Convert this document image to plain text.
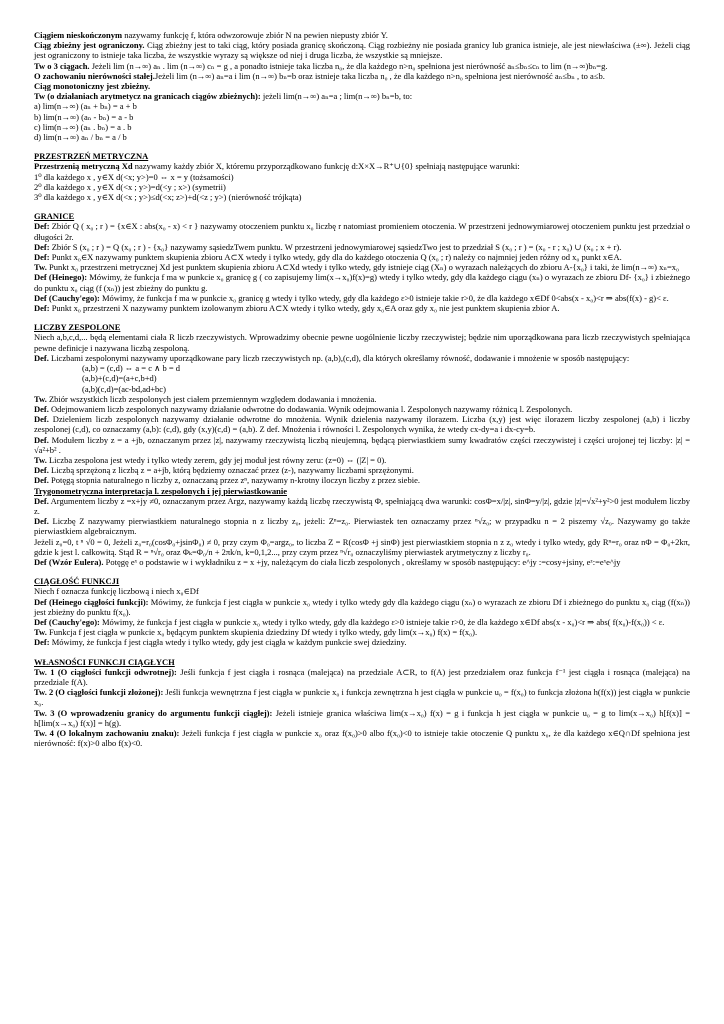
Ciągiem nieskończonym nazywamy funkcję f, która odwzorowuje zbiór N na pewien niepusty zbiór Y.

Ciąg zbieżny jest ograniczony. Ciąg zbieżny jest to taki ciąg, który posiada granicę skończoną. Ciąg rozbieżny nie posiada granicy lub granica istnieje, ale jest niewłaściwa (±∞). Jeżeli ciąg jest ograniczony to istnieje taka liczba, że wszystkie wyrazy są większe od niej i druga liczba, że wszystkie są mniejsze.

Tw o 3 ciągach. Jeżeli lim (n→∞) aₙ . lim (n→∞) cₙ = g , a ponadto istnieje taka liczba n₀, że dla każdego n>n₀ spełniona jest nierówność aₙ≤bₙ≤cₙ to lim (n→∞)bₙ=g.

O zachowaniu nierówności stałej.Jeżeli lim (n→∞) aₙ=a i lim (n→∞) bₙ=b oraz istnieje taka liczba n₀ , że dla każdego n>n₀ spełniona jest nierówność aₙ≤bₙ , to a≤b.

Ciąg monotoniczny jest zbieżny.

Tw (o działaniach arytmetycz na granicach ciągów zbieżnych): jeżeli lim(n→∞) aₙ=a ; lim(n→∞) bₙ=b, to:

a) lim(n→∞) (aₙ + bₙ) = a + b

b) lim(n→∞) (aₙ - bₙ) = a - b

c) lim(n→∞) (aₙ . bₙ) = a . b

d) lim(n→∞) aₙ / bₙ = a / b

PRZESTRZEŃ METRYCZNA

Przestrzenią metryczną Xd nazywamy każdy zbiór X, któremu przyporządkowano funkcję d:X×X→R⁺∪{0} spełniają następujące warunki:

1⁰ dla każdego x , y∈X d(<x; y>)=0 ⇔ x = y (tożsamości)

2⁰ dla każdego x , y∈X d(<x ; y>)=d(<y ; x>) (symetrii)

3⁰ dla każdego x , y∈X d(<x ; y>)≤d(<x; z>)+d(<z ; y>) (nierówność trójkąta)

GRANICE

Def: Zbiór Q ( x₀ ; r ) = {x∈X : abs(x₀ - x) < r } nazywamy otoczeniem punktu x₀ liczbę r natomiast promieniem otoczenia. W przestrzeni jednowymiarowej otoczeniem punktu jest przedział o długości 2r.

Def: Zbiór S (x₀ ; r ) = Q (x₀ ; r ) - {x₀} nazywamy sąsiedzTwem punktu. W przestrzeni jednowymiarowej sąsiedzTwo jest to przedział S (x₀ ; r ) = (x₀ - r ; x₀) ∪ (x₀ ; x + r).

Def: Punkt x₀∈X nazywamy punktem skupienia zbioru A⊂X wtedy i tylko wtedy, gdy dla do każdego otoczenia Q (x₀ ; r) należy co najmniej jeden różny od x₀ punkt x∈A.

Tw. Punkt x₀ przestrzeni metrycznej Xd jest punktem skupienia zbioru A⊂Xd wtedy i tylko wtedy, gdy istnieje ciąg (Xₙ) o wyrazach należących do zbioru A-{x₀} i taki, że lim(n→∞) xₙ=x₀

Def (Heinego): Mówimy, że funkcja f ma w punkcie x₀ granicę g ( co zapisujemy lim(x→x₀)f(x)=g) wtedy i tylko wtedy, gdy dla każdego ciągu (xₙ) o wyrazach ze zbioru Df- {x₀} i zbieżnego do punktu x₀ ciąg (f (xₙ)) jest zbieżny do punktu g.

Def (Cauchy'ego): Mówimy, że funkcja f ma w punkcie x₀ granicę g wtedy i tylko wtedy, gdy dla każdego ε>0 istnieje takie r>0, że dla każdego x∈Df 0<abs(x - x₀)<r ⇒ abs(f(x) - g)< ε.

Def: Punkt x₀ przestrzeni X nazywamy punktem izolowanym zbioru A⊂X wtedy i tylko wtedy, gdy x₀∈A oraz gdy x₀ nie jest punktem skupienia zbior A.

LICZBY ZESPOLONE

Niech a,b,c,d,... będą elementami ciała R liczb rzeczywistych. Wprowadzimy obecnie pewne uogólnienie liczby rzeczywistej; będzie nim uporządkowana para liczb rzeczywistych spełniająca pewne definicje i nazywana liczbą zespoloną.

Def. Liczbami zespolonymi nazywamy uporządkowane pary liczb rzeczywistych np. (a,b),(c,d), dla których określamy równość, dodawanie i mnożenie w sposób następujący:

(a,b) = (c,d) ⇔ a = c ∧ b = d

(a,b)+(c,d)=(a+c,b+d)

(a,b)(c,d)=(ac-bd,ad+bc)

Tw. Zbiór wszystkich liczb zespolonych jest ciałem przemiennym względem dodawania i mnożenia.

Def. Odejmowaniem liczb zespolonych nazywamy działanie odwrotne do dodawania. Wynik odejmowania l. Zespolonych nazywamy różnicą l. Zespolonych.

Def. Dzieleniem liczb zespolonych nazywamy działanie odwrotne do mnożenia. Wynik dzielenia nazywamy ilorazem. Liczba (x,y) jest więc ilorazem liczby zespolonej (a,b) i liczby zespolonej (c,d), co oznaczamy (a,b): (c,d), gdy (x,y)(c,d) = (a,b). Z def. Mnożenia i równości l. Zespolonych wynika, że wtedy cx-dy=a i dx-cy=b.

Def. Modułem liczby z = a +jb, oznaczanym przez |z|, nazywamy rzeczywistą liczbą nieujemną, będącą pierwiastkiem sumy kwadratów części rzeczywistej i części urojonej tej liczby: |z| = √a²+b² .

Tw. Liczba zespolona jest wtedy i tylko wtedy zerem, gdy jej moduł jest równy zeru: (z=0) ⇔ (|Z| = 0).

Def. Liczbą sprzężoną z liczbą z = a+jb, którą będziemy oznaczać przez (z-), nazywamy liczbami sprzężonymi.

Def. Potęgą stopnia naturalnego n liczby z, oznaczaną przez zⁿ, nazywamy n-krotny iloczyn liczby z przez siebie.

Trygonometryczna interpretacja l. zespolonych i jej pierwiastkowanie

Def. Argumentem liczby z =x+jy ≠0, oznaczanym przez Argz, nazywamy każdą liczbę rzeczywistą Φ, spełniającą dwa warunki: cosΦ=x/|z|, sinΦ=y/|z|, gdzie |z|=√x²+y²>0 jest modułem liczby z.

Def. Liczbę Z nazywamy pierwiastkiem naturalnego stopnia n z liczby z₀, jeżeli: Zⁿ=z₀. Pierwiastek ten oznaczamy przez ⁿ√z₀; w przypadku n = 2 piszemy √z₀. Nazywamy go także pierwiastkiem algebraicznym.

Jeżeli z₀=0, t ⁿ √0 = 0, Jeżeli z₀=r₀(cosΦ₀+jsinΦ₀) ≠ 0, przy czym Φ₀=argz₀, to liczba Z = R(cosΦ +j sinΦ) jest pierwiastkiem stopnia n z z₀ wtedy i tylko wtedy, gdy Rⁿ=r₀ oraz nΦ = Φ₀+2kπ, gdzie k jest l. całkowitą. Stąd R = ⁿ√r₀ oraz Φₖ=Φ₀/n + 2πk/n, k=0,1,2..., przy czym przez ⁿ√r₀ oznaczyliśmy pierwiastek arytmetyczny z liczby r₀.

Def (Wzór Eulera). Potęgę eˣ o podstawie w i wykładniku z = x +jy, należącym do ciała liczb zespolonych , określamy w sposób następujący: e^jy :=cosy+jsiny, eᶻ:=eˣe^jy

CIĄGŁOŚĆ FUNKCJI

Niech f oznacza funkcję liczbową i niech x₀∈Df

Def (Heinego ciągłości funkcji): Mówimy, że funkcja f jest ciągła w punkcie x₀ wtedy i tylko wtedy gdy dla każdego ciągu (xₙ) o wyrazach ze zbioru Df i zbieżnego do punktu x₀ ciąg (f(xₙ)) jest zbieżny do punktu f(x₀).

Def (Cauchy'ego): Mówimy, że funkcja f jest ciągła w punkcie x₀ wtedy i tylko wtedy, gdy dla każdego ε>0 istnieje takie r>0, że dla każdego x∈Df abs(x - x₀)<r ⇒ abs( f(x₀)-f(x₀)) < ε.

Tw. Funkcja f jest ciągła w punkcie x₀ będącym punktem skupienia dziedziny Df wtedy i tylko wtedy, gdy lim(x→x₀) f(x) = f(x₀).

Def: Mówimy, że funkcja f jest ciągła wtedy i tylko wtedy, gdy jest ciągła w każdym punkcie swej dziedziny.

WŁASNOŚCI FUNKCJI CIĄGŁYCH

Tw. 1 (O ciągłości funkcji odwrotnej): Jeśli funkcja f jest ciągła i rosnąca (malejąca) na przedziale A⊂R, to f(A) jest przedziałem oraz funkcja f⁻¹ jest ciągła i rosnąca (malejąca) na przedziale f(A).

Tw. 2 (O ciągłości funkcji złożonej): Jeśli funkcja wewnętrzna f jest ciągła w punkcie x₀ i funkcja zewnętrzna h jest ciągła w punkcie u₀ = f(x₀) to funkcja złożona h(f(x)) jest ciągła w punkcie x₀.

Tw. 3 (O wprowadzeniu granicy do argumentu funkcji ciągłej): Jeżeli istnieje granica właściwa lim(x→x₀) f(x) = g i funkcja h jest ciągła w punkcie u₀ = g to lim(x→x₀) h[f(x)] = h[lim(x→x₀) f(x)] = h(g).

Tw. 4 (O lokalnym zachowaniu znaku): Jeżeli funkcja f jest ciągła w punkcie x₀ oraz f(x₀)>0 albo f(x₀)<0 to istnieje takie otoczenie Q punktu x₀, że dla każdego x∈Q∩Df spełniona jest nierówność: f(x)>0 albo f(x)<0.
